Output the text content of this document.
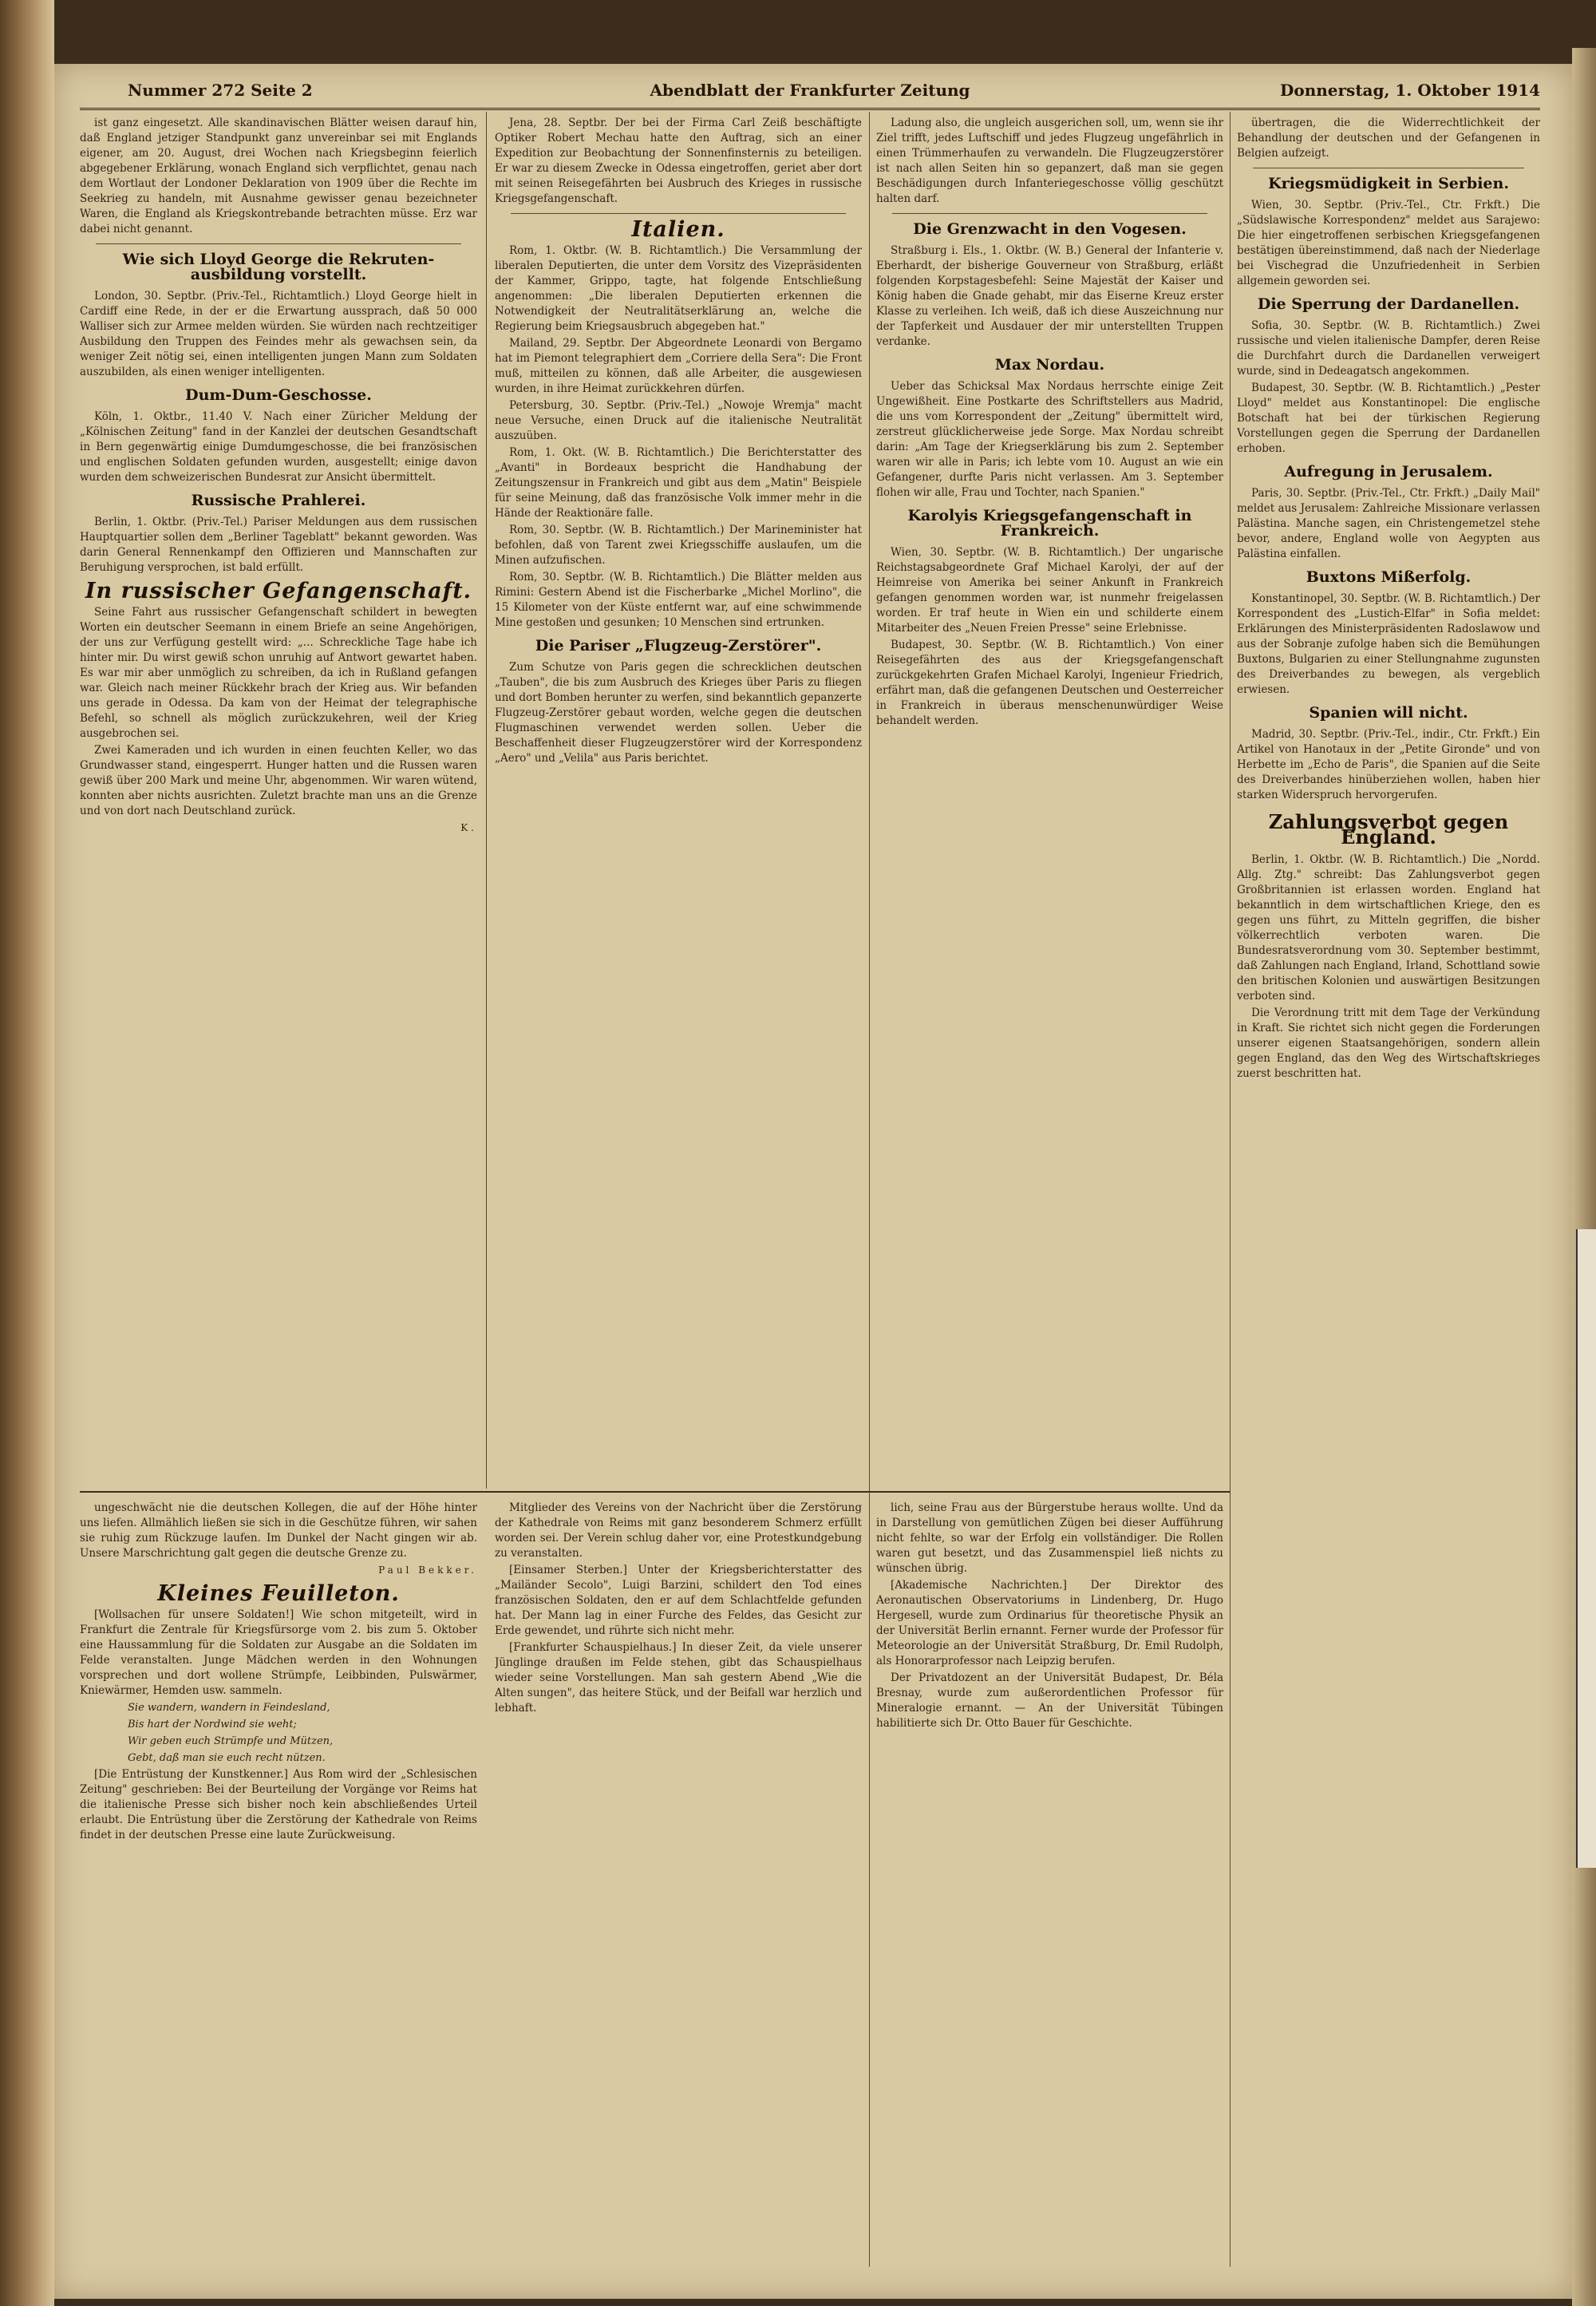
Nummer 272 Seite 2	Abendblatt der Frankfurter Zeitung	Donnerstag, 1. Oktober 1914

ist ganz eingesetzt. Alle skandinavischen Blätter weisen darauf hin, daß England jetziger Standpunkt ganz unvereinbar sei mit Englands eigener, am 20. August, drei Wochen nach Kriegsbeginn feierlich abgegebener Erklärung, wonach England sich verpflichtet, genau nach dem Wortlaut der Londoner Deklaration von 1909 über die Rechte im Seekrieg zu handeln, mit Ausnahme gewisser genau bezeichneter Waren, die England als Kriegskontrebande betrachten müsse. Erz war dabei nicht genannt.

Wie sich Lloyd George die Rekruten-ausbildung vorstellt.

London, 30. Septbr. (Priv.-Tel., Richtamtlich.) Lloyd George hielt in Cardiff eine Rede, in der er die Erwartung aussprach, daß 50 000 Walliser sich zur Armee melden würden. Sie würden nach rechtzeitiger Ausbildung den Truppen des Feindes mehr als gewachsen sein, da weniger Zeit nötig sei, einen intelligenten jungen Mann zum Soldaten auszubilden, als einen weniger intelligenten.

Dum-Dum-Geschosse.

Köln, 1. Oktbr., 11.40 V. Nach einer Züricher Meldung der „Kölnischen Zeitung" fand in der Kanzlei der deutschen Gesandtschaft in Bern gegenwärtig einige Dumdumgeschosse, die bei französischen und englischen Soldaten gefunden wurden, ausgestellt; einige davon wurden dem schweizerischen Bundesrat zur Ansicht übermittelt.

Russische Prahlerei.

Berlin, 1. Oktbr. (Priv.-Tel.) Pariser Meldungen aus dem russischen Hauptquartier sollen dem „Berliner Tageblatt" bekannt geworden. Was darin General Rennenkampf den Offizieren und Mannschaften zur Beruhigung versprochen, ist bald erfüllt.

In russischer Gefangenschaft.

Seine Fahrt aus russischer Gefangenschaft schildert in bewegten Worten ein deutscher Seemann in einem Briefe an seine Angehörigen, der uns zur Verfügung gestellt wird: „... Schreckliche Tage habe ich hinter mir. Du wirst gewiß schon unruhig auf Antwort gewartet haben. Es war mir aber unmöglich zu schreiben, da ich in Rußland gefangen war. Gleich nach meiner Rückkehr brach der Krieg aus. Wir befanden uns gerade in Odessa. Da kam von der Heimat der telegraphische Befehl, so schnell als möglich zurückzukehren, weil der Krieg ausgebrochen sei.

Zwei Kameraden und ich wurden in einen feuchten Keller, wo das Grundwasser stand, eingesperrt. Hunger hatten und die Russen waren gewiß über 200 Mark und meine Uhr, abgenommen. Wir waren wütend, konnten aber nichts ausrichten. Zuletzt brachte man uns an die Grenze und von dort nach Deutschland zurück.

K.

Jena, 28. Septbr. Der bei der Firma Carl Zeiß beschäftigte Optiker Robert Mechau hatte den Auftrag, sich an einer Expedition zur Beobachtung der Sonnenfinsternis zu beteiligen. Er war zu diesem Zwecke in Odessa eingetroffen, geriet aber dort mit seinen Reisegefährten bei Ausbruch des Krieges in russische Kriegsgefangenschaft.

Italien.

Rom, 1. Oktbr. (W. B. Richtamtlich.) Die Versammlung der liberalen Deputierten, die unter dem Vorsitz des Vizepräsidenten der Kammer, Grippo, tagte, hat folgende Entschließung angenommen: „Die liberalen Deputierten erkennen die Notwendigkeit der Neutralitätserklärung an, welche die Regierung beim Kriegsausbruch abgegeben hat."

Mailand, 29. Septbr. Der Abgeordnete Leonardi von Bergamo hat im Piemont telegraphiert dem „Corriere della Sera": Die Front muß, mitteilen zu können, daß alle Arbeiter, die ausgewiesen wurden, in ihre Heimat zurückkehren dürfen.

Petersburg, 30. Septbr. (Priv.-Tel.) „Nowoje Wremja" macht neue Versuche, einen Druck auf die italienische Neutralität auszuüben.

Rom, 1. Okt. (W. B. Richtamtlich.) Die Berichterstatter des „Avanti" in Bordeaux bespricht die Handhabung der Zeitungszensur in Frankreich und gibt aus dem „Matin" Beispiele für seine Meinung, daß das französische Volk immer mehr in die Hände der Reaktionäre falle.

Rom, 30. Septbr. (W. B. Richtamtlich.) Der Marineminister hat befohlen, daß von Tarent zwei Kriegsschiffe auslaufen, um die Minen aufzufischen.

Rom, 30. Septbr. (W. B. Richtamtlich.) Die Blätter melden aus Rimini: Gestern Abend ist die Fischerbarke „Michel Morlino", die 15 Kilometer von der Küste entfernt war, auf eine schwimmende Mine gestoßen und gesunken; 10 Menschen sind ertrunken.

Die Pariser „Flugzeug-Zerstörer".

Zum Schutze von Paris gegen die schrecklichen deutschen „Tauben", die bis zum Ausbruch des Krieges über Paris zu fliegen und dort Bomben herunter zu werfen, sind bekanntlich gepanzerte Flugzeug-Zerstörer gebaut worden, welche gegen die deutschen Flugmaschinen verwendet werden sollen. Ueber die Beschaffenheit dieser Flugzeugzerstörer wird der Korrespondenz „Aero" und „Velila" aus Paris berichtet.

Ladung also, die ungleich ausgerichen soll, um, wenn sie ihr Ziel trifft, jedes Luftschiff und jedes Flugzeug ungefährlich in einen Trümmerhaufen zu verwandeln. Die Flugzeugzerstörer ist nach allen Seiten hin so gepanzert, daß man sie gegen Beschädigungen durch Infanteriegeschosse völlig geschützt halten darf.

Die Grenzwacht in den Vogesen.

Straßburg i. Els., 1. Oktbr. (W. B.) General der Infanterie v. Eberhardt, der bisherige Gouverneur von Straßburg, erläßt folgenden Korpstagesbefehl: Seine Majestät der Kaiser und König haben die Gnade gehabt, mir das Eiserne Kreuz erster Klasse zu verleihen. Ich weiß, daß ich diese Auszeichnung nur der Tapferkeit und Ausdauer der mir unterstellten Truppen verdanke.

Max Nordau.

Ueber das Schicksal Max Nordaus herrschte einige Zeit Ungewißheit. Eine Postkarte des Schriftstellers aus Madrid, die uns vom Korrespondent der „Zeitung" übermittelt wird, zerstreut glücklicherweise jede Sorge. Max Nordau schreibt darin: „Am Tage der Kriegserklärung bis zum 2. September waren wir alle in Paris; ich lebte vom 10. August an wie ein Gefangener, durfte Paris nicht verlassen. Am 3. September flohen wir alle, Frau und Tochter, nach Spanien."

Karolyis Kriegsgefangenschaft in Frankreich.

Wien, 30. Septbr. (W. B. Richtamtlich.) Der ungarische Reichstagsabgeordnete Graf Michael Karolyi, der auf der Heimreise von Amerika bei seiner Ankunft in Frankreich gefangen genommen worden war, ist nunmehr freigelassen worden. Er traf heute in Wien ein und schilderte einem Mitarbeiter des „Neuen Freien Presse" seine Erlebnisse.

Budapest, 30. Septbr. (W. B. Richtamtlich.) Von einer Reisegefährten des aus der Kriegsgefangenschaft zurückgekehrten Grafen Michael Karolyi, Ingenieur Friedrich, erfährt man, daß die gefangenen Deutschen und Oesterreicher in Frankreich in überaus menschenunwürdiger Weise behandelt werden.

übertragen, die die Widerrechtlichkeit der Behandlung der deutschen und der Gefangenen in Belgien aufzeigt.

Kriegsmüdigkeit in Serbien.

Wien, 30. Septbr. (Priv.-Tel., Ctr. Frkft.) Die „Südslawische Korrespondenz" meldet aus Sarajewo: Die hier eingetroffenen serbischen Kriegsgefangenen bestätigen übereinstimmend, daß nach der Niederlage bei Vischegrad die Unzufriedenheit in Serbien allgemein geworden sei.

Die Sperrung der Dardanellen.

Sofia, 30. Septbr. (W. B. Richtamtlich.) Zwei russische und vielen italienische Dampfer, deren Reise die Durchfahrt durch die Dardanellen verweigert wurde, sind in Dedeagatsch angekommen.

Budapest, 30. Septbr. (W. B. Richtamtlich.) „Pester Lloyd" meldet aus Konstantinopel: Die englische Botschaft hat bei der türkischen Regierung Vorstellungen gegen die Sperrung der Dardanellen erhoben.

Aufregung in Jerusalem.

Paris, 30. Septbr. (Priv.-Tel., Ctr. Frkft.) „Daily Mail" meldet aus Jerusalem: Zahlreiche Missionare verlassen Palästina. Manche sagen, ein Christengemetzel stehe bevor, andere, England wolle von Aegypten aus Palästina einfallen.

Buxtons Mißerfolg.

Konstantinopel, 30. Septbr. (W. B. Richtamtlich.) Der Korrespondent des „Lustich-Elfar" in Sofia meldet: Erklärungen des Ministerpräsidenten Radoslawow und aus der Sobranje zufolge haben sich die Bemühungen Buxtons, Bulgarien zu einer Stellungnahme zugunsten des Dreiverbandes zu bewegen, als vergeblich erwiesen.

Spanien will nicht.

Madrid, 30. Septbr. (Priv.-Tel., indir., Ctr. Frkft.) Ein Artikel von Hanotaux in der „Petite Gironde" und von Herbette im „Echo de Paris", die Spanien auf die Seite des Dreiverbandes hinüberziehen wollen, haben hier starken Widerspruch hervorgerufen.

Zahlungsverbot gegen England.

Berlin, 1. Oktbr. (W. B. Richtamtlich.) Die „Nordd. Allg. Ztg." schreibt: Das Zahlungsverbot gegen Großbritannien ist erlassen worden. England hat bekanntlich in dem wirtschaftlichen Kriege, den es gegen uns führt, zu Mitteln gegriffen, die bisher völkerrechtlich verboten waren. Die Bundesratsverordnung vom 30. September bestimmt, daß Zahlungen nach England, Irland, Schottland sowie den britischen Kolonien und auswärtigen Besitzungen verboten sind.

Die Verordnung tritt mit dem Tage der Verkündung in Kraft. Sie richtet sich nicht gegen die Forderungen unserer eigenen Staatsangehörigen, sondern allein gegen England, das den Weg des Wirtschaftskrieges zuerst beschritten hat.

ungeschwächt nie die deutschen Kollegen, die auf der Höhe hinter uns liefen. Allmählich ließen sie sich in die Geschütze führen, wir sahen sie ruhig zum Rückzuge laufen. Im Dunkel der Nacht gingen wir ab. Unsere Marschrichtung galt gegen die deutsche Grenze zu.

Paul Bekker.
Kleines Feuilleton.

[Wollsachen für unsere Soldaten!] Wie schon mitgeteilt, wird in Frankfurt die Zentrale für Kriegsfürsorge vom 2. bis zum 5. Oktober eine Haussammlung für die Soldaten zur Ausgabe an die Soldaten im Felde veranstalten. Junge Mädchen werden in den Wohnungen vorsprechen und dort wollene Strümpfe, Leibbinden, Pulswärmer, Kniewärmer, Hemden usw. sammeln.

Sie wandern, wandern in Feindesland,
Bis hart der Nordwind sie weht;
Wir geben euch Strümpfe und Mützen,
Gebt, daß man sie euch recht nützen.

[Die Entrüstung der Kunstkenner.] Aus Rom wird der „Schlesischen Zeitung" geschrieben: Bei der Beurteilung der Vorgänge vor Reims hat die italienische Presse sich bisher noch kein abschließendes Urteil erlaubt. Die Entrüstung über die Zerstörung der Kathedrale von Reims findet in der deutschen Presse eine laute Zurückweisung.

Mitglieder des Vereins von der Nachricht über die Zerstörung der Kathedrale von Reims mit ganz besonderem Schmerz erfüllt worden sei. Der Verein schlug daher vor, eine Protestkundgebung zu veranstalten.

[Einsamer Sterben.] Unter der Kriegsberichterstatter des „Mailänder Secolo", Luigi Barzini, schildert den Tod eines französischen Soldaten, den er auf dem Schlachtfelde gefunden hat. Der Mann lag in einer Furche des Feldes, das Gesicht zur Erde gewendet, und rührte sich nicht mehr.

[Frankfurter Schauspielhaus.] In dieser Zeit, da viele unserer Jünglinge draußen im Felde stehen, gibt das Schauspielhaus wieder seine Vorstellungen. Man sah gestern Abend „Wie die Alten sungen", das heitere Stück, und der Beifall war herzlich und lebhaft.

lich, seine Frau aus der Bürgerstube heraus wollte. Und da in Darstellung von gemütlichen Zügen bei dieser Aufführung nicht fehlte, so war der Erfolg ein vollständiger. Die Rollen waren gut besetzt, und das Zusammenspiel ließ nichts zu wünschen übrig.

[Akademische Nachrichten.] Der Direktor des Aeronautischen Observatoriums in Lindenberg, Dr. Hugo Hergesell, wurde zum Ordinarius für theoretische Physik an der Universität Berlin ernannt. Ferner wurde der Professor für Meteorologie an der Universität Straßburg, Dr. Emil Rudolph, als Honorarprofessor nach Leipzig berufen.

Der Privatdozent an der Universität Budapest, Dr. Béla Bresnay, wurde zum außerordentlichen Professor für Mineralogie ernannt. — An der Universität Tübingen habilitierte sich Dr. Otto Bauer für Geschichte.
